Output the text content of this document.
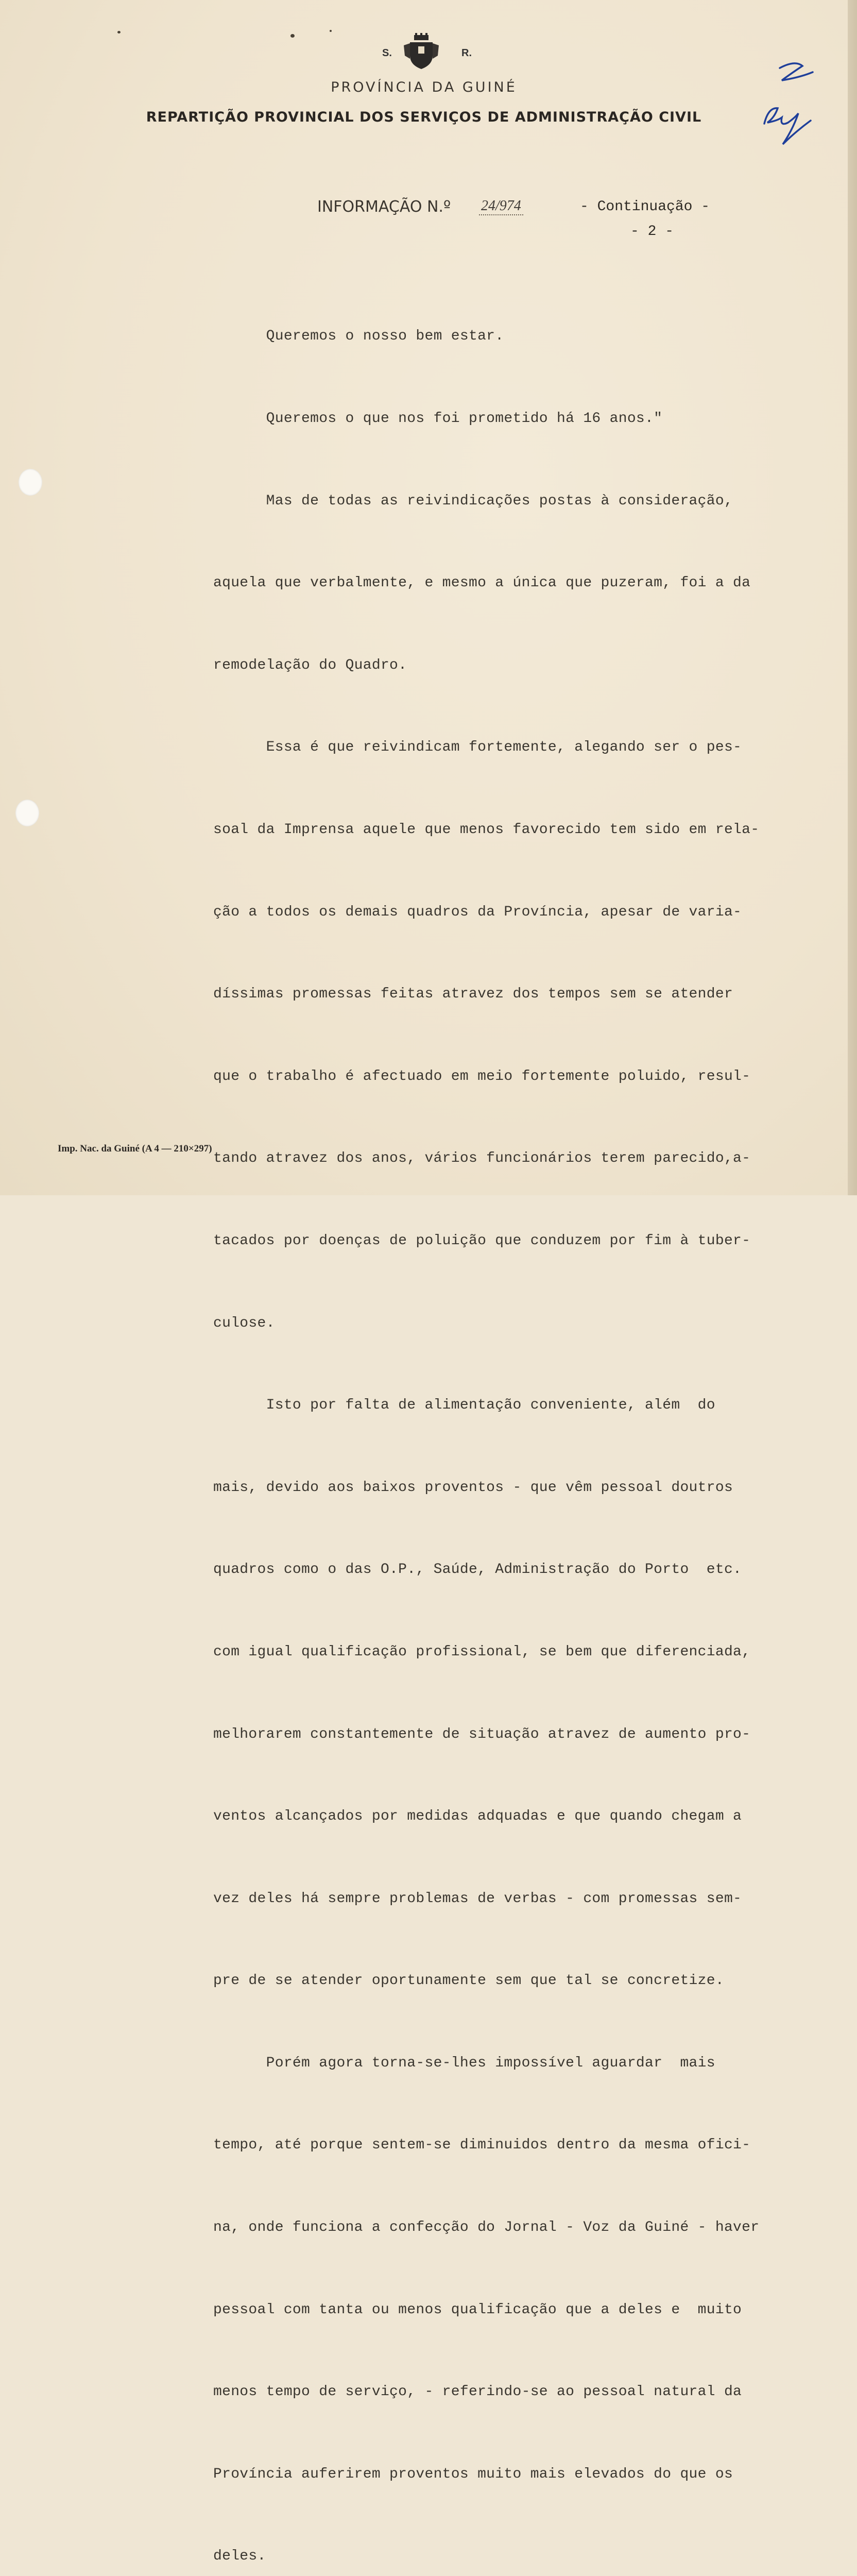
S.	R.
PROVÍNCIA DA GUINÉ
REPARTIÇÃO PROVINCIAL DOS SERVIÇOS DE ADMINISTRAÇÃO CIVIL
INFORMAÇÃO N.º 24/974	- Continuação -
- 2 -

Queremos o nosso bem estar.

Queremos o que nos foi prometido há 16 anos."

Mas de todas as reivindicações postas à consideração,

aquela que verbalmente, e mesmo a única que puzeram, foi a da

remodelação do Quadro.

Essa é que reivindicam fortemente, alegando ser o pes-

soal da Imprensa aquele que menos favorecido tem sido em rela-

ção a todos os demais quadros da Província, apesar de varia-

díssimas promessas feitas atravez dos tempos sem se atender

que o trabalho é afectuado em meio fortemente poluido, resul-

tando atravez dos anos, vários funcionários terem parecido,a-

tacados por doenças de poluição que conduzem por fim à tuber-

culose.

Isto por falta de alimentação conveniente, além  do

mais, devido aos baixos proventos - que vêm pessoal doutros

quadros como o das O.P., Saúde, Administração do Porto  etc.

com igual qualificação profissional, se bem que diferenciada,

melhorarem constantemente de situação atravez de aumento pro-

ventos alcançados por medidas adquadas e que quando chegam a

vez deles há sempre problemas de verbas - com promessas sem-

pre de se atender oportunamente sem que tal se concretize.

Porém agora torna-se-lhes impossível aguardar  mais

tempo, até porque sentem-se diminuidos dentro da mesma ofici-

na, onde funciona a confecção do Jornal - Voz da Guiné - haver

pessoal com tanta ou menos qualificação que a deles e  muito

menos tempo de serviço, - referindo-se ao pessoal natural da

Província auferirem proventos muito mais elevados do que os

deles.

Imp. Nac. da Guiné (A 4 — 210×297)
